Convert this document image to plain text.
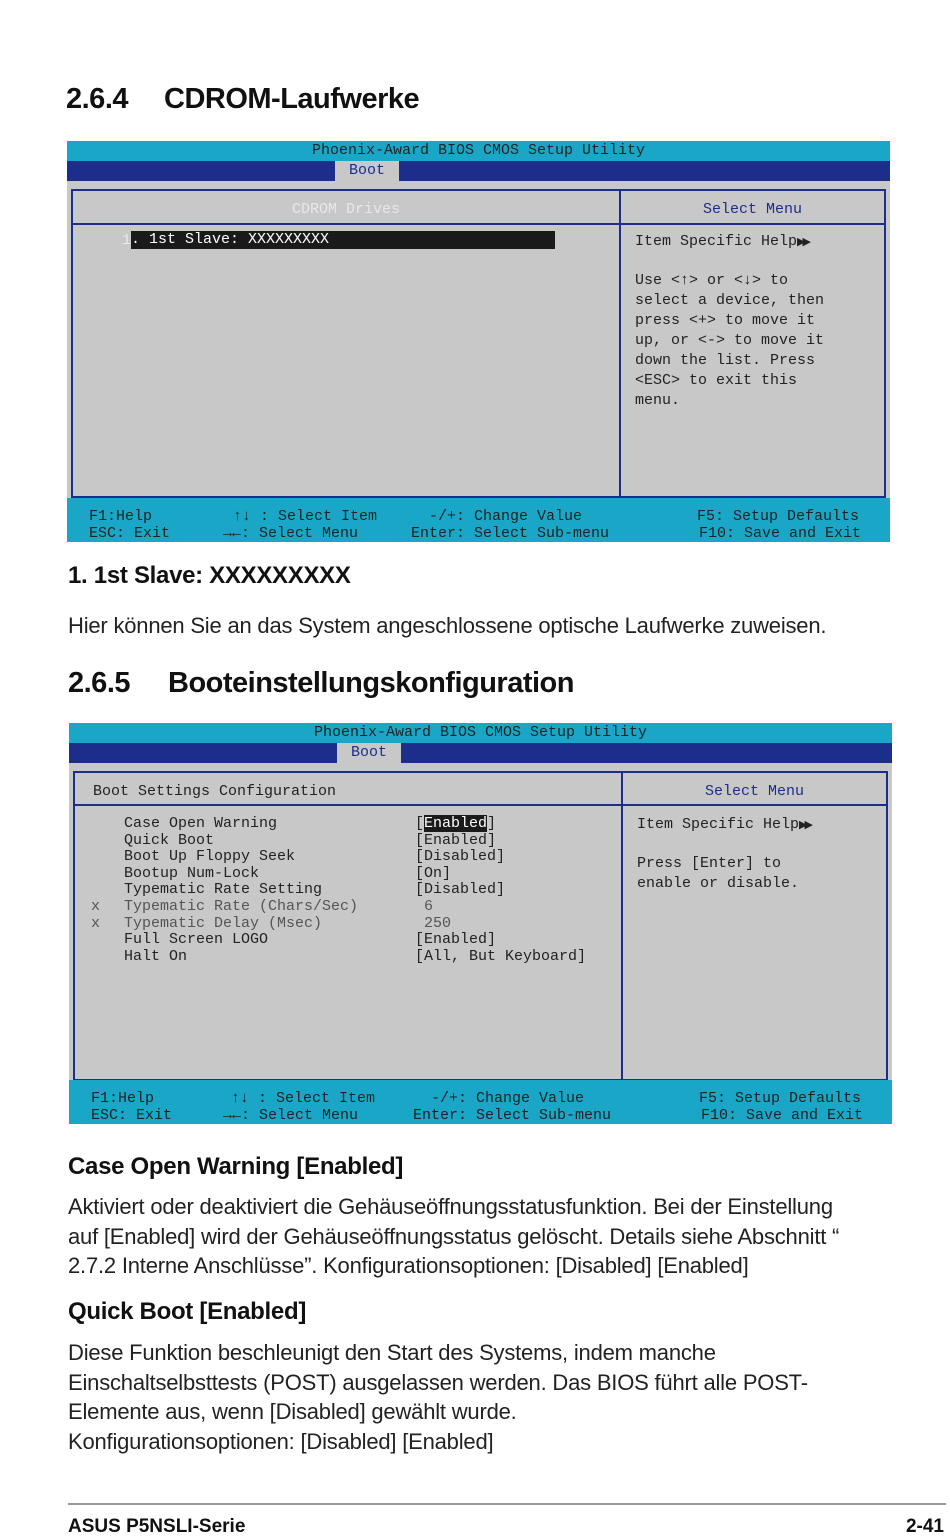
2.6.4 CDROM-Laufwerke
Phoenix-Award BIOS CMOS Setup Utility
Boot
CDROM Drives	Select Menu
1 . 1st Slave: XXXXXXXXX	Item Specific Help▶▶
Use <↑> or <↓> to
select a device, then
press <+> to move it
up, or <-> to move it
down the list. Press
<ESC> to exit this
menu.
F1:Help
ESC: Exit
↑↓ : Select Item
→←: Select Menu
-/+: Change Value
Enter: Select Sub-menu
F5: Setup Defaults
F10: Save and Exit
1. 1st Slave: XXXXXXXXX

Hier können Sie an das System angeschlossene optische Laufwerke zuweisen.

2.6.5 Booteinstellungskonfiguration
Phoenix-Award BIOS CMOS Setup Utility
Boot
Boot Settings Configuration	Select Menu
Case Open Warning	[Enabled]
Quick Boot	[Enabled]
Boot Up Floppy Seek	[Disabled]
Bootup Num-Lock	[On]
Typematic Rate Setting	[Disabled]
x Typematic Rate (Chars/Sec)	6
x Typematic Delay (Msec)	250
Full Screen LOGO	[Enabled]
Halt On	[All, But Keyboard]
Item Specific Help▶▶
Press [Enter] to
enable or disable.
F1:Help
ESC: Exit
↑↓ : Select Item
→←: Select Menu
-/+: Change Value
Enter: Select Sub-menu
F5: Setup Defaults
F10: Save and Exit
Case Open Warning [Enabled]

Aktiviert oder deaktiviert die Gehäuseöffnungsstatusfunktion. Bei der Einstellung
auf [Enabled] wird der Gehäuseöffnungsstatus gelöscht. Details siehe Abschnitt “
2.7.2 Interne Anschlüsse”. Konfigurationsoptionen: [Disabled] [Enabled]

Quick Boot [Enabled]

Diese Funktion beschleunigt den Start des Systems, indem manche
Einschaltselbsttests (POST) ausgelassen werden. Das BIOS führt alle POST-
Elemente aus, wenn [Disabled] gewählt wurde.
Konfigurationsoptionen: [Disabled] [Enabled]

ASUS P5NSLI-Serie	2-41
